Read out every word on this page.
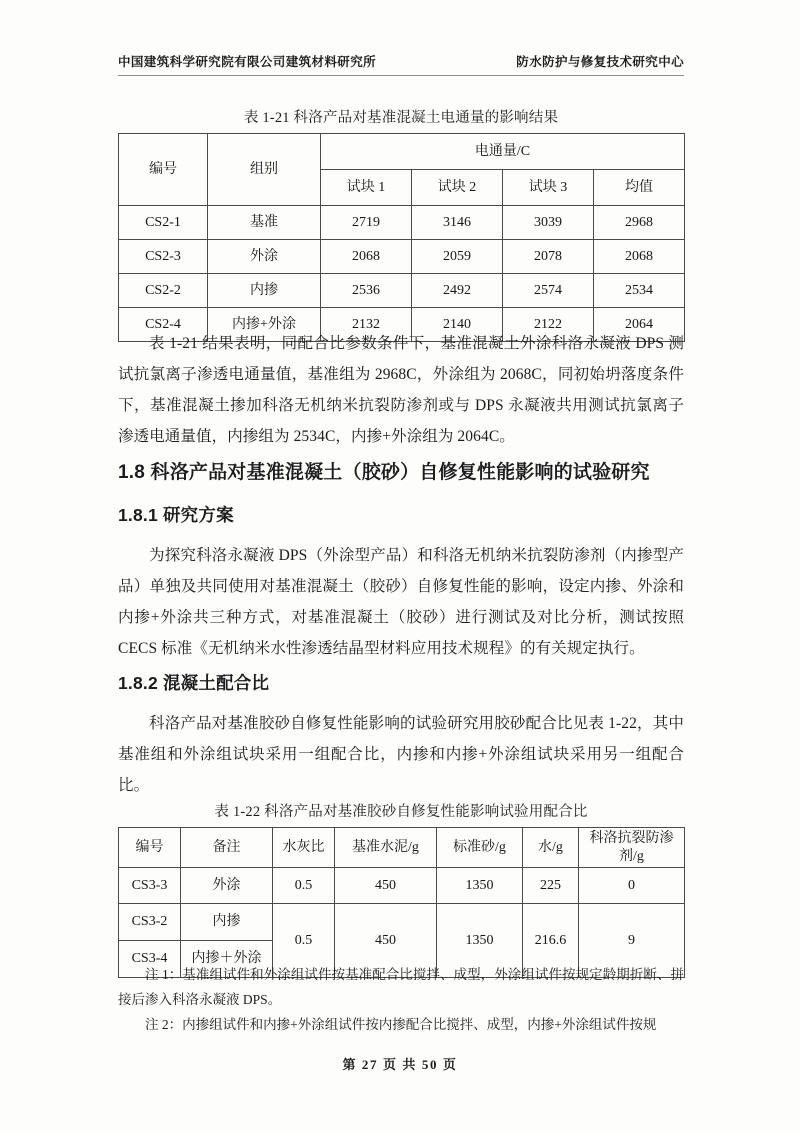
中国建筑科学研究院有限公司建筑材料研究所	防水防护与修复技术研究中心

表 1-21 科洛产品对基准混凝土电通量的影响结果

编号	组别	电通量/C			
		试块 1	试块 2	试块 3	均值
CS2-1	基准	2719	3146	3039	2968
CS2-3	外涂	2068	2059	2078	2068
CS2-2	内掺	2536	2492	2574	2534
CS2-4	内掺+外涂	2132	2140	2122	2064

表 1-21 结果表明，同配合比参数条件下，基准混凝土外涂科洛永凝液 DPS 测试抗氯离子渗透电通量值，基准组为 2968C，外涂组为 2068C，同初始坍落度条件下，基准混凝土掺加科洛无机纳米抗裂防渗剂或与 DPS 永凝液共用测试抗氯离子渗透电通量值，内掺组为 2534C，内掺+外涂组为 2064C。

1.8 科洛产品对基准混凝土（胶砂）自修复性能影响的试验研究
1.8.1 研究方案

为探究科洛永凝液 DPS（外涂型产品）和科洛无机纳米抗裂防渗剂（内掺型产品）单独及共同使用对基准混凝土（胶砂）自修复性能的影响，设定内掺、外涂和内掺+外涂共三种方式，对基准混凝土（胶砂）进行测试及对比分析，测试按照 CECS 标准《无机纳米水性渗透结晶型材料应用技术规程》的有关规定执行。

1.8.2 混凝土配合比

科洛产品对基准胶砂自修复性能影响的试验研究用胶砂配合比见表 1-22，其中基准组和外涂组试块采用一组配合比，内掺和内掺+外涂组试块采用另一组配合比。

表 1-22 科洛产品对基准胶砂自修复性能影响试验用配合比

编号	备注	水灰比	基准水泥/g	标准砂/g	水/g	科洛抗裂防渗剂/g
CS3-3	外涂	0.5	450	1350	225	0
CS3-2	内掺	0.5	450	1350	216.6	9
CS3-4	内掺＋外涂					

注 1：基准组试件和外涂组试件按基准配合比搅拌、成型，外涂组试件按规定龄期折断、拼接后渗入科洛永凝液 DPS。

注 2：内掺组试件和内掺+外涂组试件按内掺配合比搅拌、成型，内掺+外涂组试件按规

第 27 页 共 50 页
